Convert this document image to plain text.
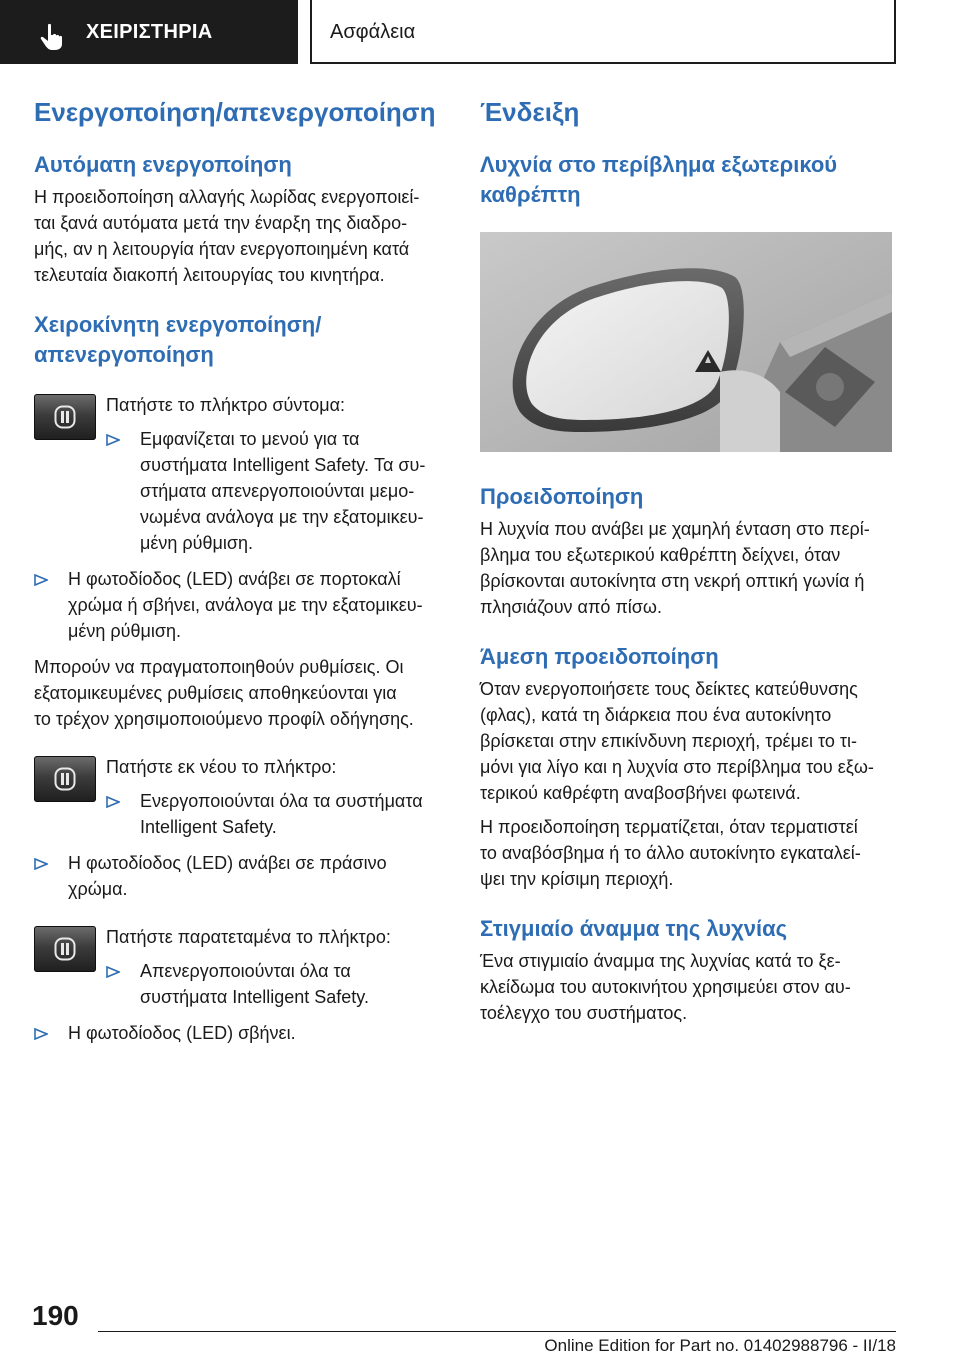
ΧΕΙΡΙΣΤΗΡΙΑ	Ασφάλεια
Ενεργοποίηση/απενεργοποίηση
Αυτόματη ενεργοποίηση

Η προειδοποίηση αλλαγής λωρίδας ενεργοποιεί-
ται ξανά αυτόματα μετά την έναρξη της διαδρο-
μής, αν η λειτουργία ήταν ενεργοποιημένη κατά
τελευταία διακοπή λειτουργίας του κινητήρα.

Χειροκίνητη ενεργοποίηση/
απενεργοποίηση

Πατήστε το πλήκτρο σύντομα:

Εμφανίζεται το μενού για τα
συστήματα Intelligent Safety. Τα συ-
στήματα απενεργοποιούνται μεμο-
νωμένα ανάλογα με την εξατομικευ-
μένη ρύθμιση.
Η φωτοδίοδος (LED) ανάβει σε πορτοκαλί
χρώμα ή σβήνει, ανάλογα με την εξατομικευ-
μένη ρύθμιση.

Μπορούν να πραγματοποιηθούν ρυθμίσεις. Οι
εξατομικευμένες ρυθμίσεις αποθηκεύονται για
το τρέχον χρησιμοποιούμενο προφίλ οδήγησης.

Πατήστε εκ νέου το πλήκτρο:

Ενεργοποιούνται όλα τα συστήματα
Intelligent Safety.
Η φωτοδίοδος (LED) ανάβει σε πράσινο
χρώμα.

Πατήστε παρατεταμένα το πλήκτρο:

Απενεργοποιούνται όλα τα
συστήματα Intelligent Safety.
Η φωτοδίοδος (LED) σβήνει.
Ένδειξη
Λυχνία στο περίβλημα εξωτερικού
καθρέπτη
Προειδοποίηση

Η λυχνία που ανάβει με χαμηλή ένταση στο περί-
βλημα του εξωτερικού καθρέπτη δείχνει, όταν
βρίσκονται αυτοκίνητα στη νεκρή οπτική γωνία ή
πλησιάζουν από πίσω.

Άμεση προειδοποίηση

Όταν ενεργοποιήσετε τους δείκτες κατεύθυνσης
(φλας), κατά τη διάρκεια που ένα αυτοκίνητο
βρίσκεται στην επικίνδυνη περιοχή, τρέμει το τι-
μόνι για λίγο και η λυχνία στο περίβλημα του εξω-
τερικού καθρέφτη αναβοσβήνει φωτεινά.

Η προειδοποίηση τερματίζεται, όταν τερματιστεί
το αναβόσβημα ή το άλλο αυτοκίνητο εγκαταλεί-
ψει την κρίσιμη περιοχή.

Στιγμιαίο άναμμα της λυχνίας

Ένα στιγμιαίο άναμμα της λυχνίας κατά το ξε-
κλείδωμα του αυτοκινήτου χρησιμεύει στον αυ-
τοέλεγχο του συστήματος.

190
Online Edition for Part no. 01402988796 - II/18
